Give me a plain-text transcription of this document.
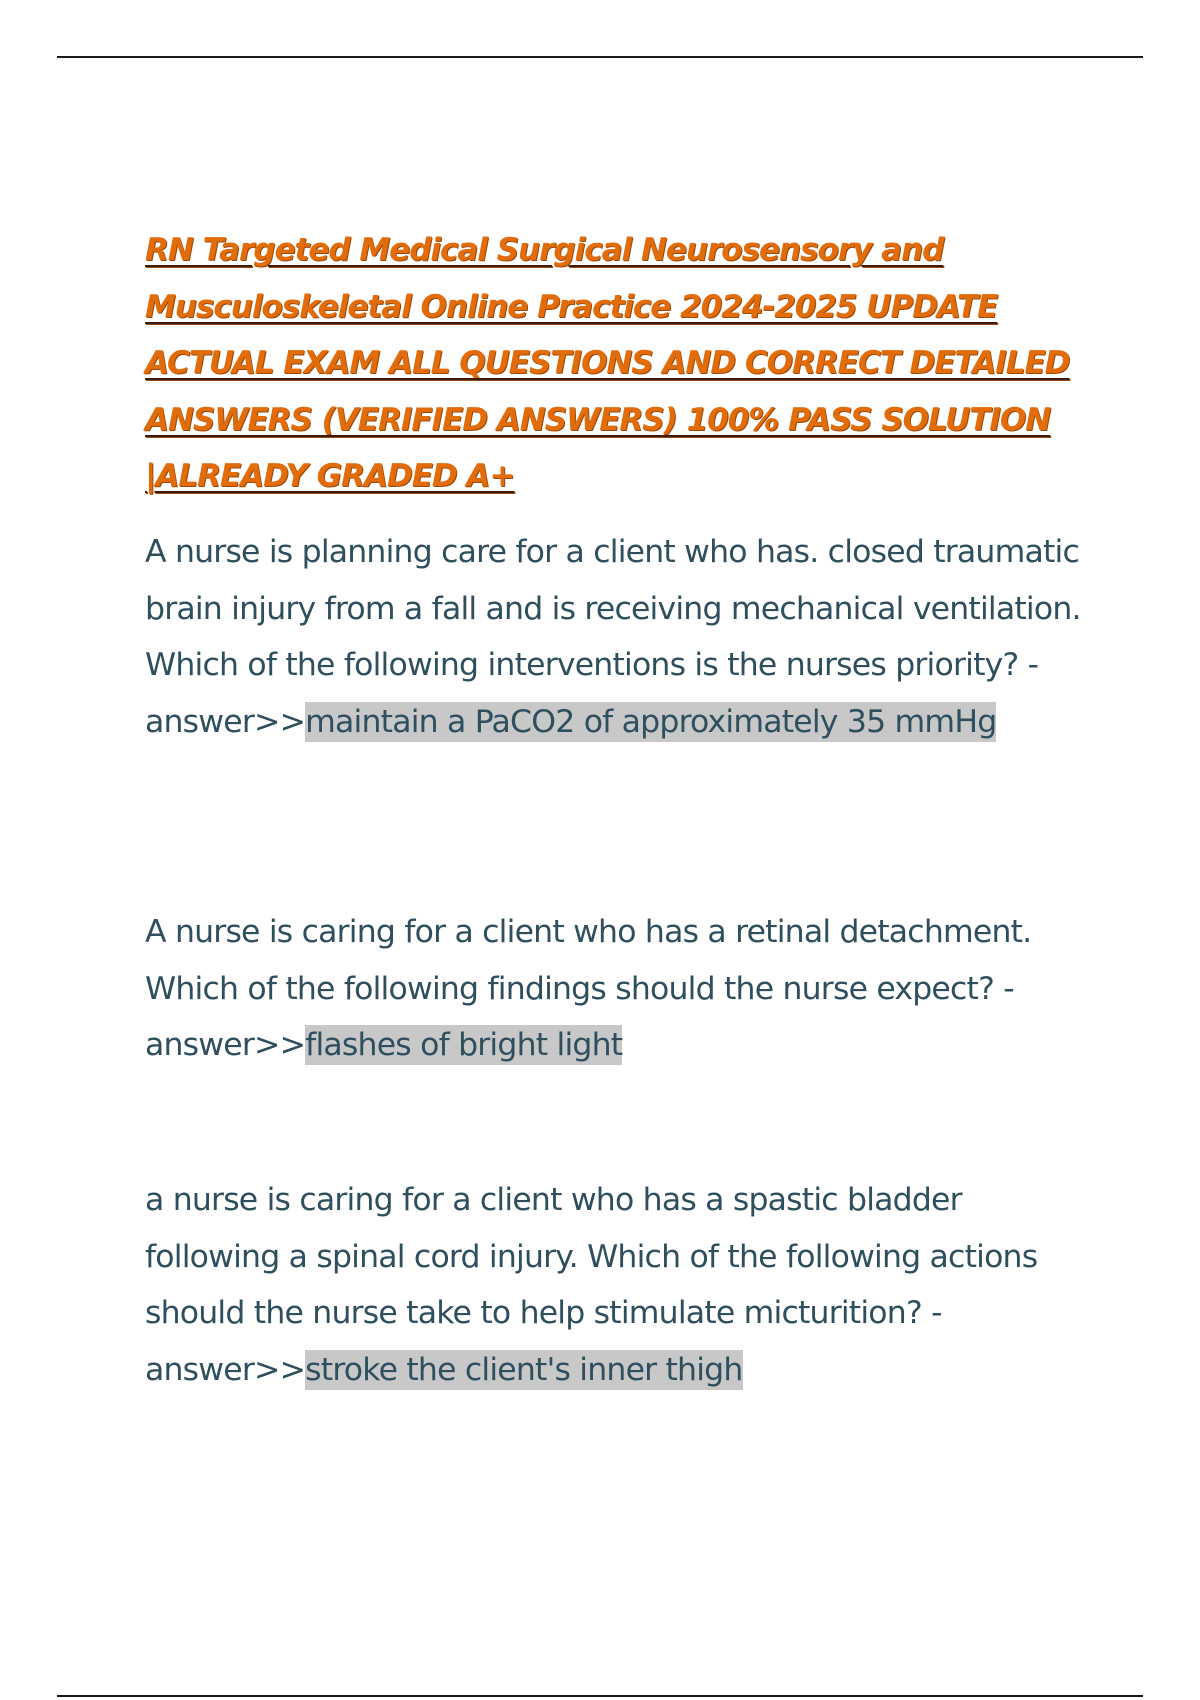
RN Targeted Medical Surgical Neurosensory and Musculoskeletal Online Practice 2024-2025 UPDATE ACTUAL EXAM ALL QUESTIONS AND CORRECT DETAILED ANSWERS (VERIFIED ANSWERS) 100% PASS SOLUTION |ALREADY GRADED A+

A nurse is planning care for a client who has. closed traumatic brain injury from a fall and is receiving mechanical ventilation. Which of the following interventions is the nurses priority? - answer>>maintain a PaCO2 of approximately 35 mmHg

A nurse is caring for a client who has a retinal detachment. Which of the following findings should the nurse expect? - answer>>flashes of bright light

a nurse is caring for a client who has a spastic bladder following a spinal cord injury. Which of the following actions should the nurse take to help stimulate micturition? - answer>>stroke the client's inner thigh
